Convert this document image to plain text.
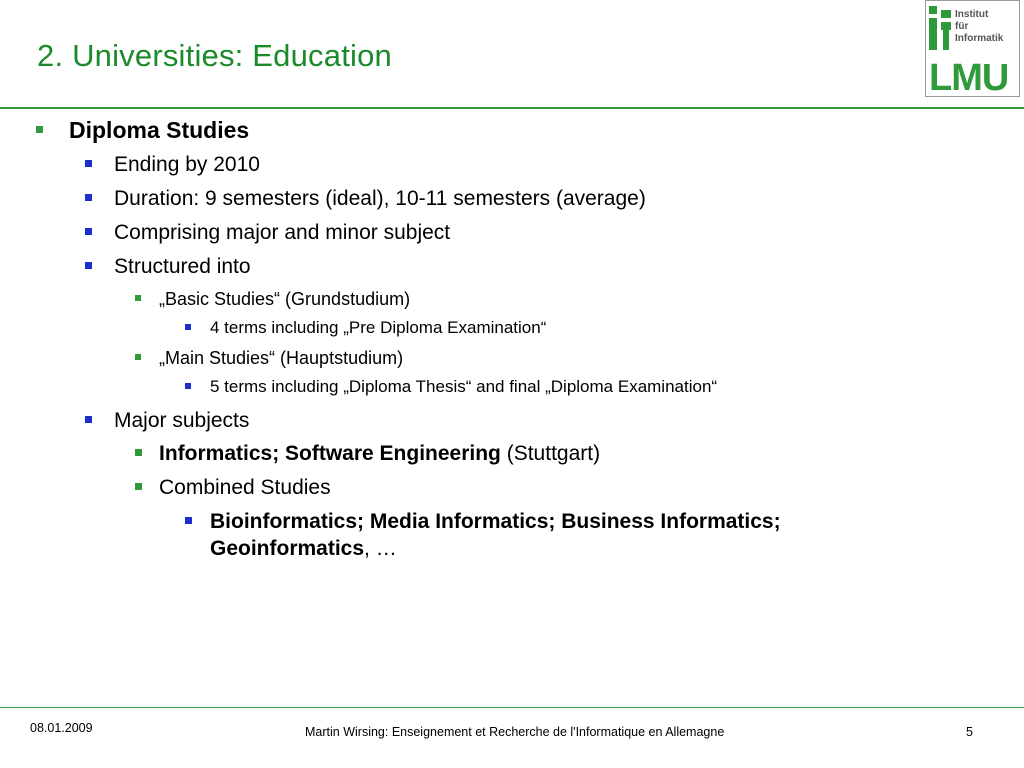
2. Universities: Education
Institut
für
Informatik
LMU
Diploma Studies
Ending by 2010
Duration: 9 semesters (ideal), 10-11 semesters (average)
Comprising major and minor subject
Structured into
„Basic Studies“ (Grundstudium)
4 terms including „Pre Diploma Examination“
„Main Studies“ (Hauptstudium)
5 terms including „Diploma Thesis“ and final „Diploma Examination“
Major subjects
Informatics; Software Engineering (Stuttgart)
Combined Studies
Bioinformatics; Media Informatics; Business Informatics;
Geoinformatics, …
08.01.2009	Martin Wirsing: Enseignement et Recherche de l'Informatique en Allemagne	5
